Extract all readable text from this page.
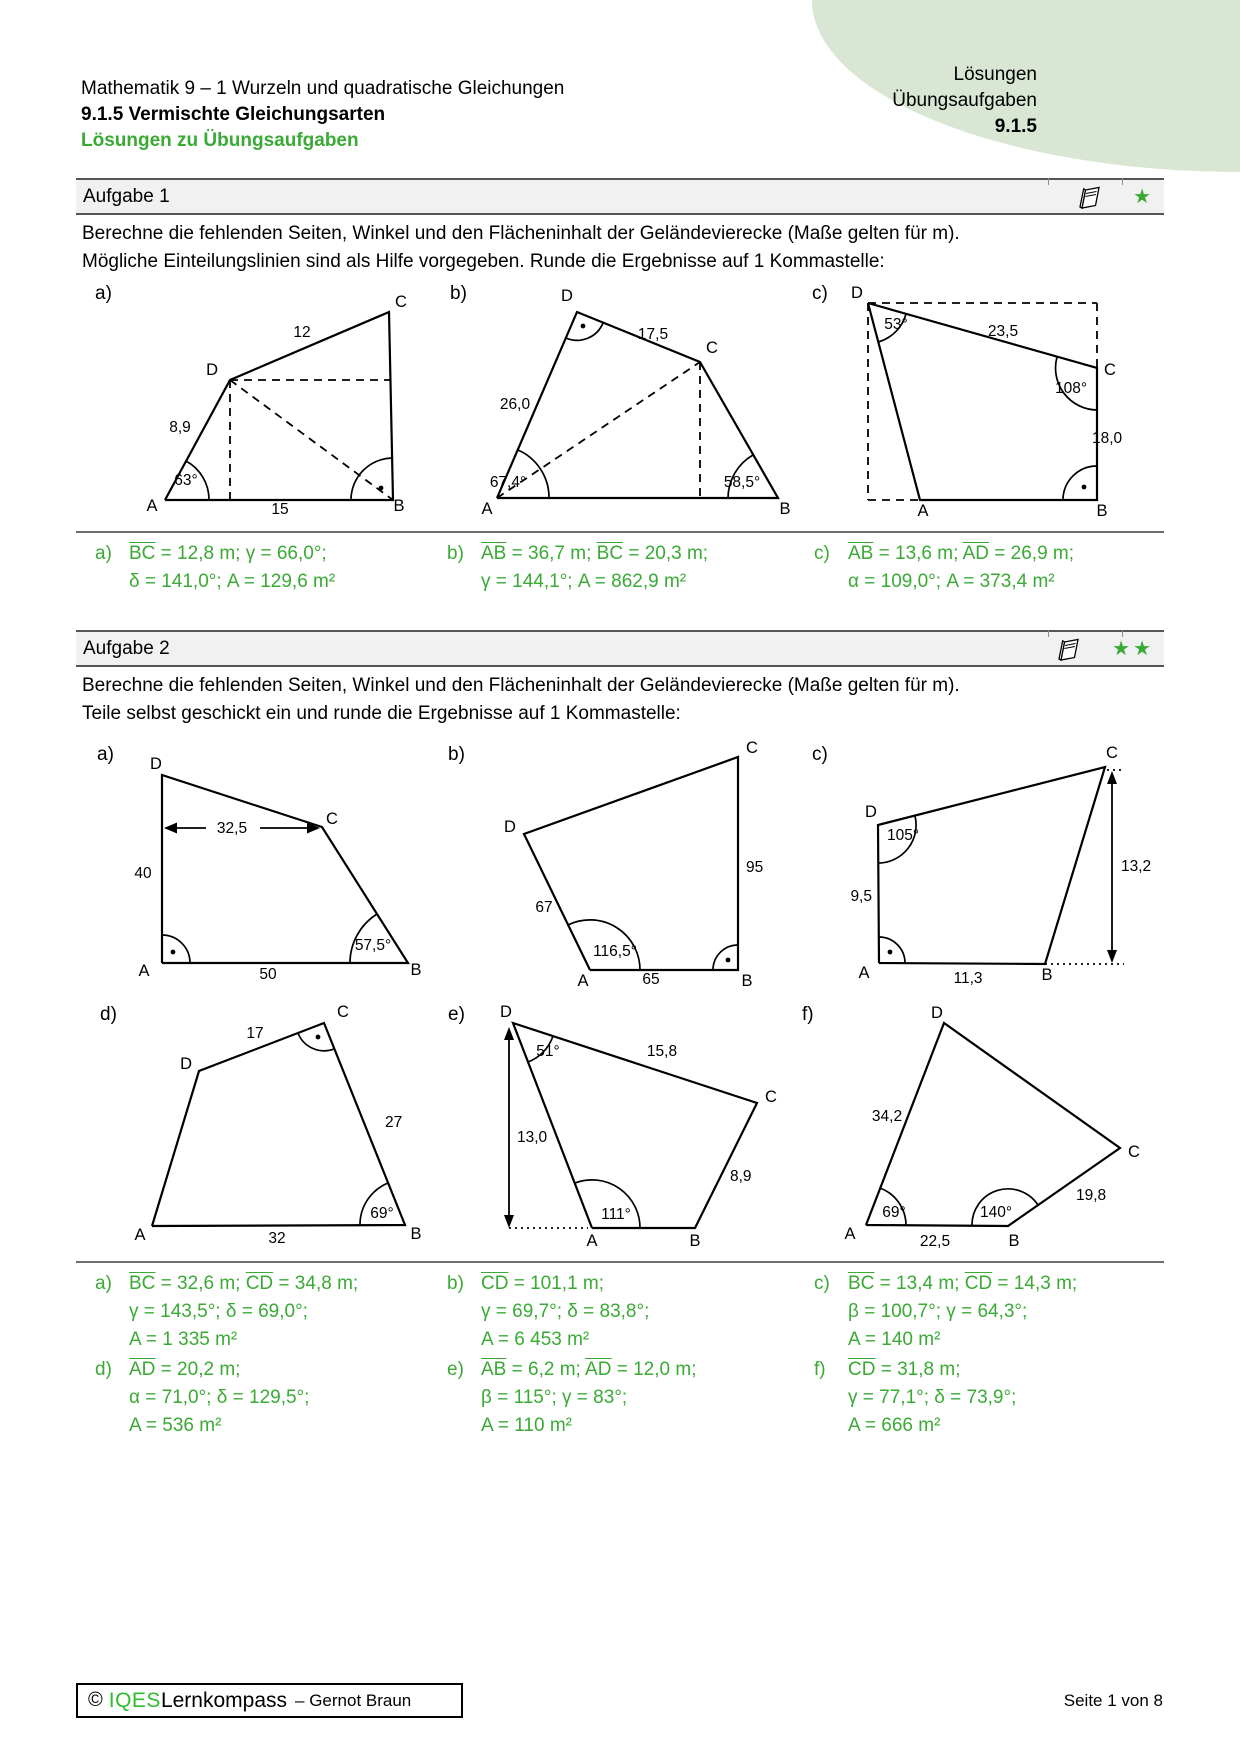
Mathematik 9 – 1 Wurzeln und quadratische Gleichungen
9.1.5 Vermischte Gleichungsarten
Lösungen zu Übungsaufgaben
Lösungen
Übungsaufgaben
9.1.5
Aufgabe 1	★
Berechne die fehlenden Seiten, Winkel und den Flächeninhalt der Geländevierecke (Maße gelten für m).
Mögliche Einteilungslinien sind als Hilfe vorgegeben. Runde die Ergebnisse auf 1 Kommastelle:
a)	b)	c)
A	B
C
D
12
8,9
15
63°
A	B
C
D
17,5
26,0
67,4°	58,5°
A	B
C
D
23,5
18,0
53°
108°
a) $\overline{BC} = 12,8$ m; γ = 66,0°;
δ = 141,0°; A = 129,6 m²
b) $\overline{AB} = 36,7$ m; $\overline{BC} = 20,3$ m;
γ = 144,1°; A = 862,9 m²
c) $\overline{AB} = 13,6$ m; $\overline{AD} = 26,9$ m;
α = 109,0°; A = 373,4 m²
Aufgabe 2	★★
Berechne die fehlenden Seiten, Winkel und den Flächeninhalt der Geländevierecke (Maße gelten für m).
Teile selbst geschickt ein und runde die Ergebnisse auf 1 Kommastelle:
a)	b)	c)
A	B
C
D
40
32,5
50
57,5°
A	B
C
D
67
95
65
116,5°
A	B
C
D
9,5
11,3
13,2
105°
d)	e)	f)
A	B
C
D
17
27
32
69°
A	B
C
D
15,8
8,9
13,0
51°
111°
A	B
C
D
34,2
19,8
22,5
69°	140°
a) $\overline{BC} = 32,6$ m; $\overline{CD} = 34,8$ m;
γ = 143,5°; δ = 69,0°;
A = 1 335 m²
b) $\overline{CD} = 101,1$ m;
γ = 69,7°; δ = 83,8°;
A = 6 453 m²
c) $\overline{BC} = 13,4$ m; $\overline{CD} = 14,3$ m;
β = 100,7°; γ = 64,3°;
A = 140 m²
d) $\overline{AD} = 20,2$ m;
α = 71,0°; δ = 129,5°;
A = 536 m²
e) $\overline{AB} = 6,2$ m; $\overline{AD} = 12,0$ m;
β = 115°; γ = 83°;
A = 110 m²
f)	$\overline{CD} = 31,8$ m;
γ = 77,1°; δ = 73,9°;
A = 666 m²
© IQES Lernkompass – Gernot Braun	Seite 1 von 8
